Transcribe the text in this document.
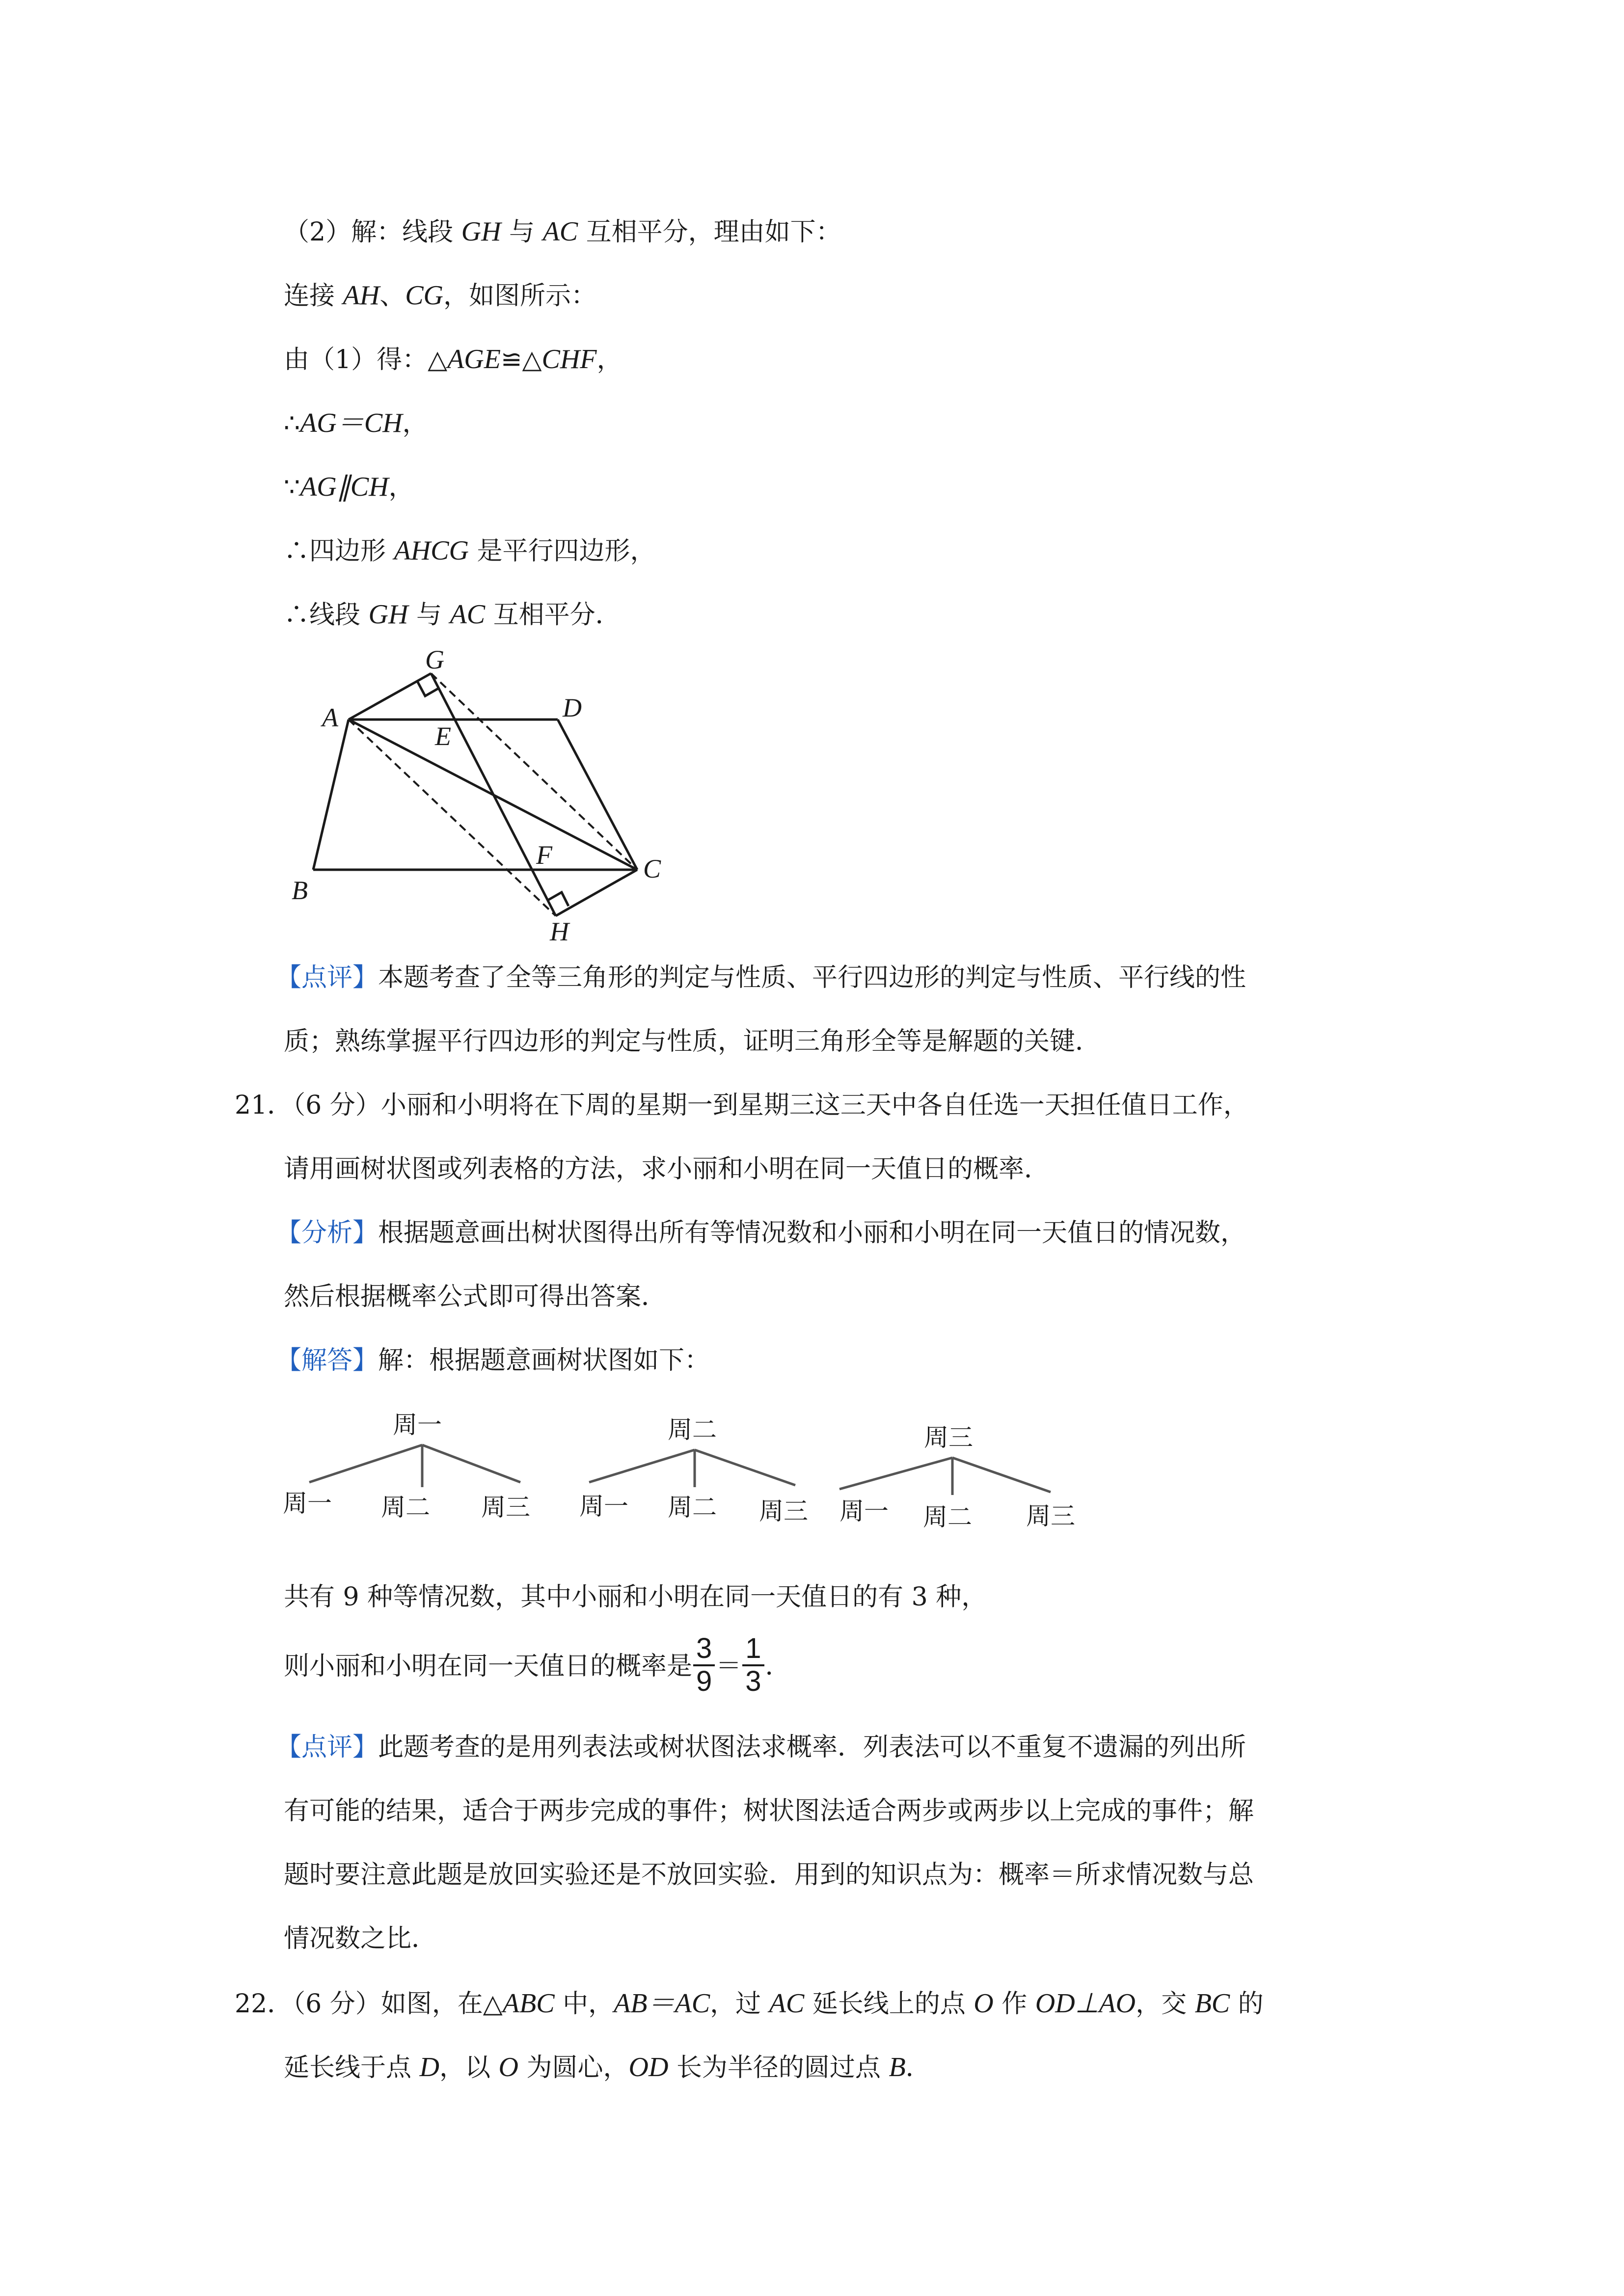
（2）解：线段 GH 与 AC 互相平分，理由如下：
连接 AH、CG，如图所示：
由（1）得：△AGE≌△CHF，
∴AG＝CH，
∵AG∥CH，
∴四边形 AHCG 是平行四边形，
∴线段 GH 与 AC 互相平分．
G
A	D
E
F	C
B
H
【点评】本题考查了全等三角形的判定与性质、平行四边形的判定与性质、平行线的性
质；熟练掌握平行四边形的判定与性质，证明三角形全等是解题的关键．
21．（6 分）小丽和小明将在下周的星期一到星期三这三天中各自任选一天担任值日工作，
请用画树状图或列表格的方法，求小丽和小明在同一天值日的概率．
【分析】根据题意画出树状图得出所有等情况数和小丽和小明在同一天值日的情况数，
然后根据概率公式即可得出答案．
【解答】解：根据题意画树状图如下：
周一
周一 周二 周三
周二
周一 周二 周三
周三
周一 周二 周三
共有 9 种等情况数，其中小丽和小明在同一天值日的有 3 种，
则小丽和小明在同一天值日的概率是 $\frac{3}{9} = \frac{1}{3}$ ．
【点评】此题考查的是用列表法或树状图法求概率．列表法可以不重复不遗漏的列出所
有可能的结果，适合于两步完成的事件；树状图法适合两步或两步以上完成的事件；解
题时要注意此题是放回实验还是不放回实验．用到的知识点为：概率＝所求情况数与总
情况数之比．
22．（6 分）如图，在△ABC 中，AB＝AC，过 AC 延长线上的点 O 作 OD⊥AO，交 BC 的
延长线于点 D，以 O 为圆心，OD 长为半径的圆过点 B．
